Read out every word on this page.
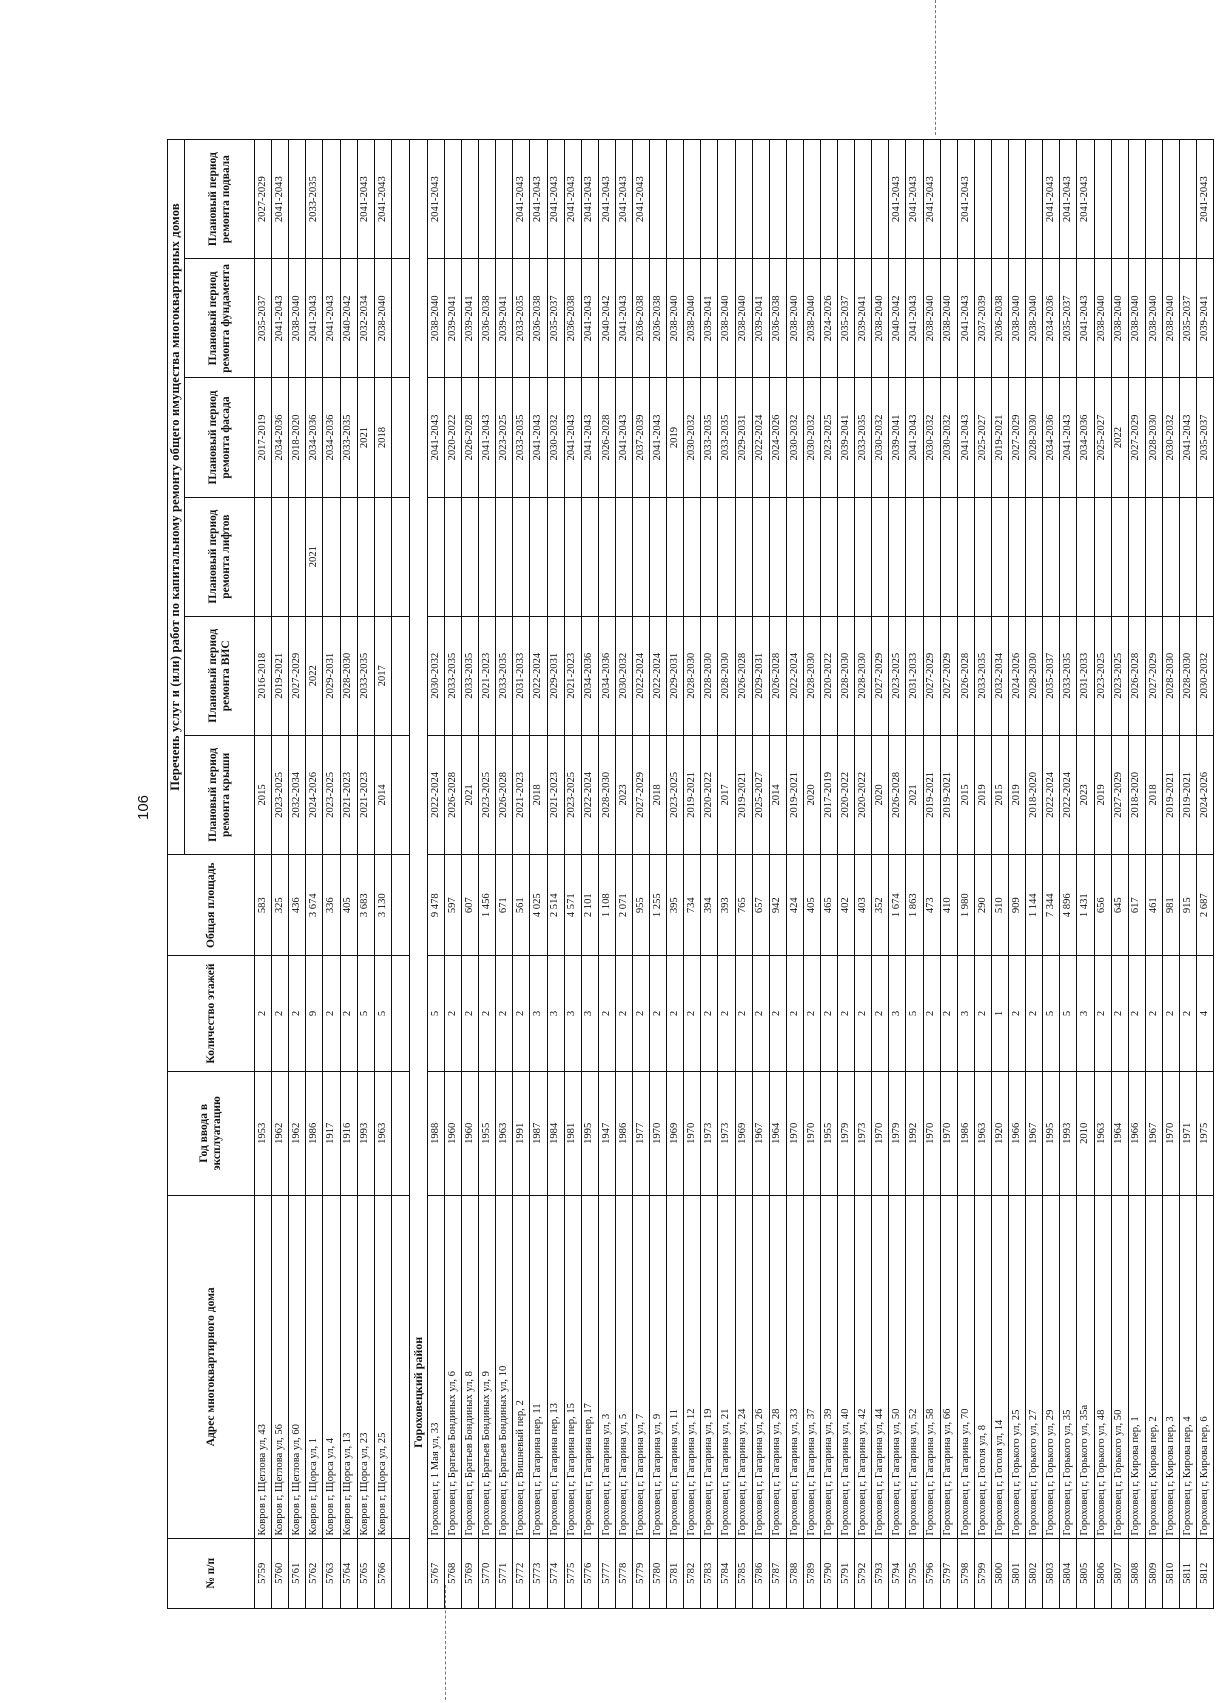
106
№ п/п	Адрес многоквартирного дома	Год ввода в эксплуатацию	Количество этажей	Общая площадь	Перечень услуг и (или) работ по капитальному ремонту общего имущества многоквартирных домов					
					Плановый период ремонта крыши	Плановый период ремонта ВИС	Плановый период ремонта лифтов	Плановый период ремонта фасада	Плановый период ремонта фундамента	Плановый период ремонта подвала
5759	Ковров г, Щеглова ул, 43	1953	2	583	2015	2016-2018		2017-2019	2035-2037	2027-2029
5760	Ковров г, Щеглова ул, 56	1962	2	325	2023-2025	2019-2021		2034-2036	2041-2043	2041-2043
5761	Ковров г, Щеглова ул, 60	1962	2	436	2032-2034	2027-2029		2018-2020	2038-2040	
5762	Ковров г, Щорса ул, 1	1986	9	3 674	2024-2026	2022	2021	2034-2036	2041-2043	2033-2035
5763	Ковров г, Щорса ул, 4	1917	2	336	2023-2025	2029-2031		2034-2036	2041-2043	
5764	Ковров г, Щорса ул, 13	1916	2	405	2021-2023	2028-2030		2033-2035	2040-2042	
5765	Ковров г, Щорса ул, 23	1993	5	3 683	2021-2023	2033-2035		2021	2032-2034	2041-2043
5766	Ковров г, Щорса ул, 25	1963	5	3 130	2014	2017		2018	2038-2040	2041-2043

Гороховецкий район										
5767	Гороховец г, 1 Мая ул, 33	1988	5	9 478	2022-2024	2030-2032		2041-2043	2038-2040	2041-2043
5768	Гороховец г, Братьев Бондиных ул, 6	1960	2	597	2026-2028	2033-2035		2020-2022	2039-2041	
5769	Гороховец г, Братьев Бондиных ул, 8	1960	2	607	2021	2033-2035		2026-2028	2039-2041	
5770	Гороховец г, Братьев Бондиных ул, 9	1955	2	1 456	2023-2025	2021-2023		2041-2043	2036-2038	
5771	Гороховец г, Братьев Бондиных ул, 10	1963	2	671	2026-2028	2033-2035		2023-2025	2039-2041	
5772	Гороховец г, Вишневый пер, 2	1991	2	561	2021-2023	2031-2033		2033-2035	2033-2035	2041-2043
5773	Гороховец г, Гагарина пер, 11	1987	3	4 025	2018	2022-2024		2041-2043	2036-2038	2041-2043
5774	Гороховец г, Гагарина пер, 13	1984	3	2 514	2021-2023	2029-2031		2030-2032	2035-2037	2041-2043
5775	Гороховец г, Гагарина пер, 15	1981	3	4 571	2023-2025	2021-2023		2041-2043	2036-2038	2041-2043
5776	Гороховец г, Гагарина пер, 17	1995	3	2 101	2022-2024	2034-2036		2041-2043	2041-2043	2041-2043
5777	Гороховец г, Гагарина ул, 3	1947	2	1 108	2028-2030	2034-2036		2026-2028	2040-2042	2041-2043
5778	Гороховец г, Гагарина ул, 5	1986	2	2 071	2023	2030-2032		2041-2043	2041-2043	2041-2043
5779	Гороховец г, Гагарина ул, 7	1977	2	955	2027-2029	2022-2024		2037-2039	2036-2038	2041-2043
5780	Гороховец г, Гагарина ул, 9	1970	2	1 255	2018	2022-2024		2041-2043	2036-2038	
5781	Гороховец г, Гагарина ул, 11	1969	2	395	2023-2025	2029-2031		2019	2038-2040	
5782	Гороховец г, Гагарина ул, 12	1970	2	734	2019-2021	2028-2030		2030-2032	2038-2040	
5783	Гороховец г, Гагарина ул, 19	1973	2	394	2020-2022	2028-2030		2033-2035	2039-2041	
5784	Гороховец г, Гагарина ул, 21	1973	2	393	2017	2028-2030		2033-2035	2038-2040	
5785	Гороховец г, Гагарина ул, 24	1969	2	765	2019-2021	2026-2028		2029-2031	2038-2040	
5786	Гороховец г, Гагарина ул, 26	1967	2	657	2025-2027	2029-2031		2022-2024	2039-2041	
5787	Гороховец г, Гагарина ул, 28	1964	2	942	2014	2026-2028		2024-2026	2036-2038	
5788	Гороховец г, Гагарина ул, 33	1970	2	424	2019-2021	2022-2024		2030-2032	2038-2040	
5789	Гороховец г, Гагарина ул, 37	1970	2	405	2020	2028-2030		2030-2032	2038-2040	
5790	Гороховец г, Гагарина ул, 39	1955	2	465	2017-2019	2020-2022		2023-2025	2024-2026	
5791	Гороховец г, Гагарина ул, 40	1979	2	402	2020-2022	2028-2030		2039-2041	2035-2037	
5792	Гороховец г, Гагарина ул, 42	1973	2	403	2020-2022	2028-2030		2033-2035	2039-2041	
5793	Гороховец г, Гагарина ул, 44	1970	2	352	2020	2027-2029		2030-2032	2038-2040	
5794	Гороховец г, Гагарина ул, 50	1979	3	1 674	2026-2028	2023-2025		2039-2041	2040-2042	2041-2043
5795	Гороховец г, Гагарина ул, 52	1992	5	1 863	2021	2031-2033		2041-2043	2041-2043	2041-2043
5796	Гороховец г, Гагарина ул, 58	1970	2	473	2019-2021	2027-2029		2030-2032	2038-2040	2041-2043
5797	Гороховец г, Гагарина ул, 66	1970	2	410	2019-2021	2027-2029		2030-2032	2038-2040	
5798	Гороховец г, Гагарина ул, 70	1986	3	1 980	2015	2026-2028		2041-2043	2041-2043	2041-2043
5799	Гороховец г, Гоголя ул, 8	1963	2	290	2019	2033-2035		2025-2027	2037-2039	
5800	Гороховец г, Гоголя ул, 14	1920	1	510	2015	2032-2034		2019-2021	2036-2038	
5801	Гороховец г, Горького ул, 25	1966	2	909	2019	2024-2026		2027-2029	2038-2040	
5802	Гороховец г, Горького ул, 27	1967	2	1 144	2018-2020	2028-2030		2028-2030	2038-2040	
5803	Гороховец г, Горького ул, 29	1995	5	7 344	2022-2024	2035-2037		2034-2036	2034-2036	2041-2043
5804	Гороховец г, Горького ул, 35	1993	5	4 896	2022-2024	2033-2035		2041-2043	2035-2037	2041-2043
5805	Гороховец г, Горького ул, 35а	2010	3	1 431	2023	2031-2033		2034-2036	2041-2043	2041-2043
5806	Гороховец г, Горького ул, 48	1963	2	656	2019	2023-2025		2025-2027	2038-2040	
5807	Гороховец г, Горького ул, 50	1964	2	645	2027-2029	2023-2025		2022	2038-2040	
5808	Гороховец г, Кирова пер, 1	1966	2	617	2018-2020	2026-2028		2027-2029	2038-2040	
5809	Гороховец г, Кирова пер, 2	1967	2	461	2018	2027-2029		2028-2030	2038-2040	
5810	Гороховец г, Кирова пер, 3	1970	2	981	2019-2021	2028-2030		2030-2032	2038-2040	
5811	Гороховец г, Кирова пер, 4	1971	2	915	2019-2021	2028-2030		2041-2043	2035-2037	
5812	Гороховец г, Кирова пер, 6	1975	4	2 687	2024-2026	2030-2032		2035-2037	2039-2041	2041-2043
